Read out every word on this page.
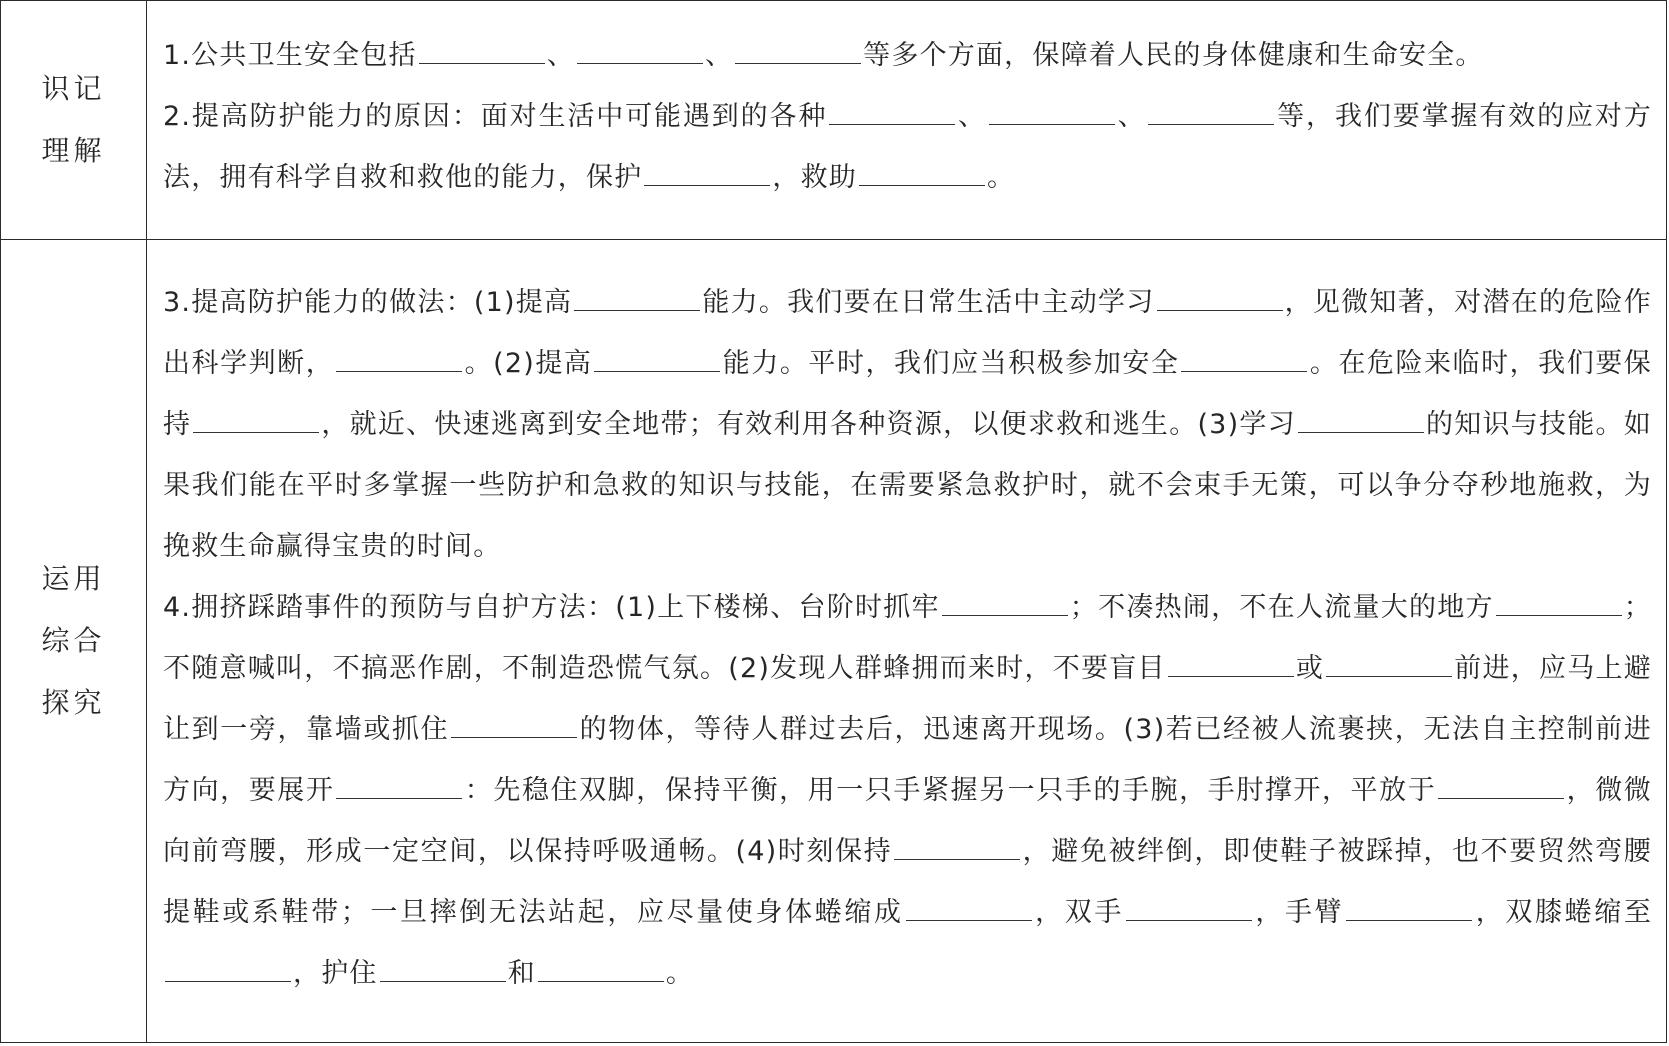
识记
理解

1.公共卫生安全包括	、	、	等多个方面，保障着人民的身体健康和生命安全。

2.提高防护能力的原因：面对生活中可能遇到的各种	、	、	等，我们要掌握有效的应对方法，拥有科学自救和救他的能力，保护	，救助	。

运用
综合
探究

3.提高防护能力的做法：(1)提高	能力。我们要在日常生活中主动学习	，见微知著，对潜在的危险作出科学判断，	。(2)提高	能力。平时，我们应当积极参加安全	。在危险来临时，我们要保持	，就近、快速逃离到安全地带；有效利用各种资源，以便求救和逃生。(3)学习	的知识与技能。如果我们能在平时多掌握一些防护和急救的知识与技能，在需要紧急救护时，就不会束手无策，可以争分夺秒地施救，为挽救生命赢得宝贵的时间。

4.拥挤踩踏事件的预防与自护方法：(1)上下楼梯、台阶时抓牢	；不凑热闹，不在人流量大的地方	；不随意喊叫，不搞恶作剧，不制造恐慌气氛。(2)发现人群蜂拥而来时，不要盲目	或	前进，应马上避让到一旁，靠墙或抓住	的物体，等待人群过去后，迅速离开现场。(3)若已经被人流裹挟，无法自主控制前进方向，要展开	：先稳住双脚，保持平衡，用一只手紧握另一只手的手腕，手肘撑开，平放于	，微微向前弯腰，形成一定空间，以保持呼吸通畅。(4)时刻保持	，避免被绊倒，即使鞋子被踩掉，也不要贸然弯腰提鞋或系鞋带；一旦摔倒无法站起，应尽量使身体蜷缩成	，双手	，手臂	，双膝蜷缩至，护住	和	。
